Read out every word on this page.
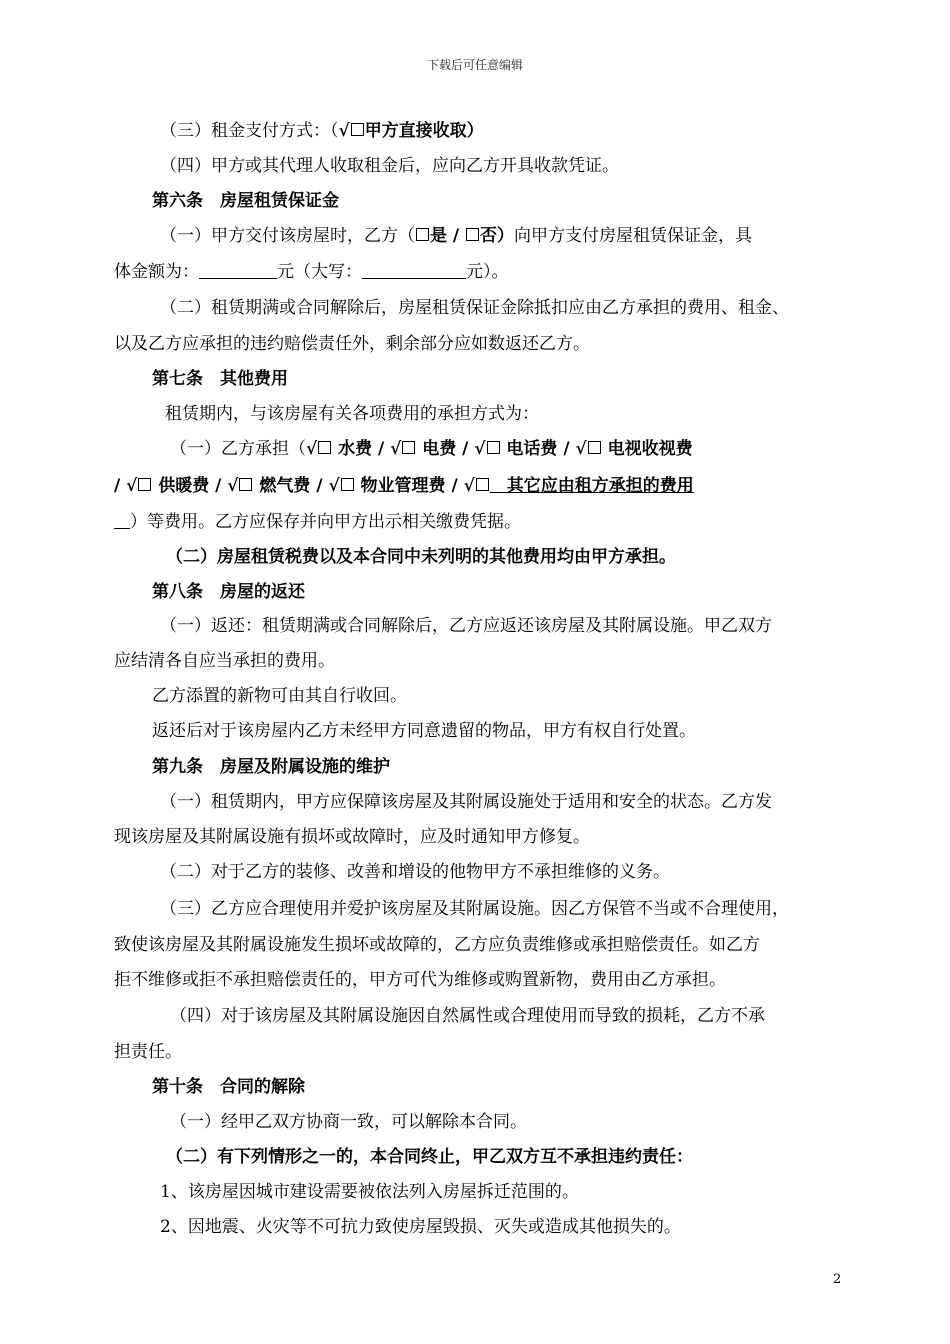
下载后可任意编辑
（三）租金支付方式：（√ 甲方直接收取）
（四）甲方或其代理人收取租金后，应向乙方开具收款凭证。
第六条　房屋租赁保证金
（一）甲方交付该房屋时，乙方（ 是 / 否）向甲方支付房屋租赁保证金，具
体金额为：	元（大写：	元）。
（二）租赁期满或合同解除后，房屋租赁保证金除抵扣应由乙方承担的费用、租金、
以及乙方应承担的违约赔偿责任外，剩余部分应如数返还乙方。
第七条　其他费用
租赁期内，与该房屋有关各项费用的承担方式为：
（一）乙方承担（√ 水费 / √ 电费 / √ 电话费 / √ 电视收视费
/ √ 供暖费 / √ 燃气费 / √ 物业管理费 / √　 其它应由租方承担的费用
）等费用。乙方应保存并向甲方出示相关缴费凭据。
（二）房屋租赁税费以及本合同中未列明的其他费用均由甲方承担。
第八条　房屋的返还
（一）返还：租赁期满或合同解除后，乙方应返还该房屋及其附属设施。甲乙双方
应结清各自应当承担的费用。
乙方添置的新物可由其自行收回。
返还后对于该房屋内乙方未经甲方同意遗留的物品，甲方有权自行处置。
第九条　房屋及附属设施的维护
（一）租赁期内，甲方应保障该房屋及其附属设施处于适用和安全的状态。乙方发
现该房屋及其附属设施有损坏或故障时，应及时通知甲方修复。
（二）对于乙方的装修、改善和增设的他物甲方不承担维修的义务。
（三）乙方应合理使用并爱护该房屋及其附属设施。因乙方保管不当或不合理使用，
致使该房屋及其附属设施发生损坏或故障的，乙方应负责维修或承担赔偿责任。如乙方
拒不维修或拒不承担赔偿责任的，甲方可代为维修或购置新物，费用由乙方承担。
（四）对于该房屋及其附属设施因自然属性或合理使用而导致的损耗，乙方不承
担责任。
第十条　合同的解除
（一）经甲乙双方协商一致，可以解除本合同。
（二）有下列情形之一的，本合同终止，甲乙双方互不承担违约责任：
1、该房屋因城市建设需要被依法列入房屋拆迁范围的。
2、因地震、火灾等不可抗力致使房屋毁损、灭失或造成其他损失的。
2
